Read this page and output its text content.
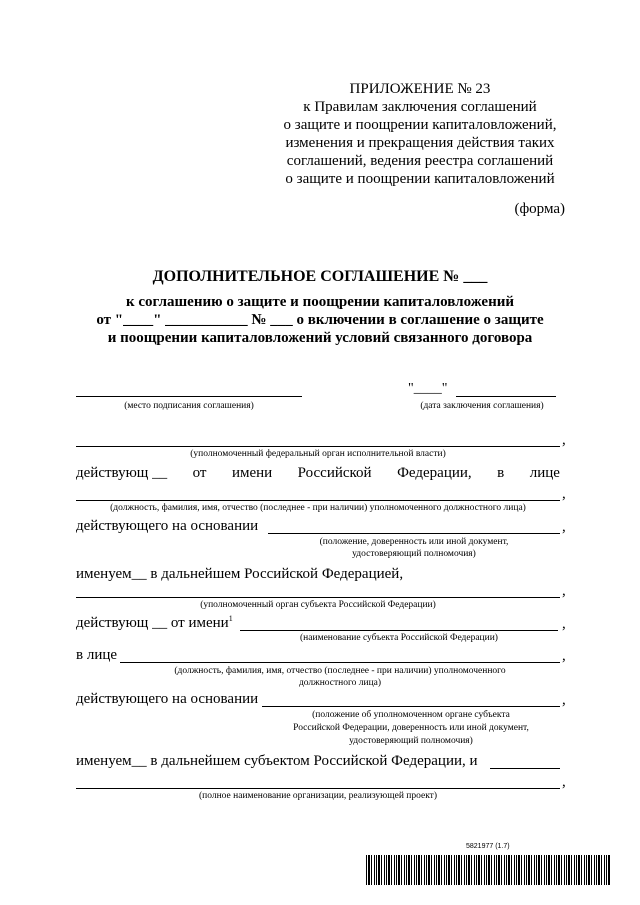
ПРИЛОЖЕНИЕ № 23
к Правилам заключения соглашений
о защите и поощрении капиталовложений,
изменения и прекращения действия таких
соглашений, ведения реестра соглашений
о защите и поощрении капиталовложений
(форма)
ДОПОЛНИТЕЛЬНОЕ СОГЛАШЕНИЕ № ___
к соглашению о защите и поощрении капиталовложений
от "____" ___________ № ___ о включении в соглашение о защите
и поощрении капиталовложений условий связанного договора
(место подписания соглашения)
"____"
(дата заключения соглашения)
,
(уполномоченный федеральный орган исполнительной власти)
действующ __ от имени Российской Федерации, в лице
,
(должность, фамилия, имя, отчество (последнее - при наличии) уполномоченного должностного лица)
действующего на основании	,
(положение, доверенность или иной документ,
удостоверяющий полномочия)
именуем__ в дальнейшем Российской Федерацией,
,
(уполномоченный орган субъекта Российской Федерации)
действующ __ от имени$^1$	,
(наименование субъекта Российской Федерации)
в лице	,
(должность, фамилия, имя, отчество (последнее - при наличии) уполномоченного
должностного лица)
действующего на основании	,
(положение об уполномоченном органе субъекта
Российской Федерации, доверенность или иной документ,
удостоверяющий полномочия)
именуем__ в дальнейшем субъектом Российской Федерации, и
,
(полное наименование организации, реализующей проект)
5821977 (1.7)
